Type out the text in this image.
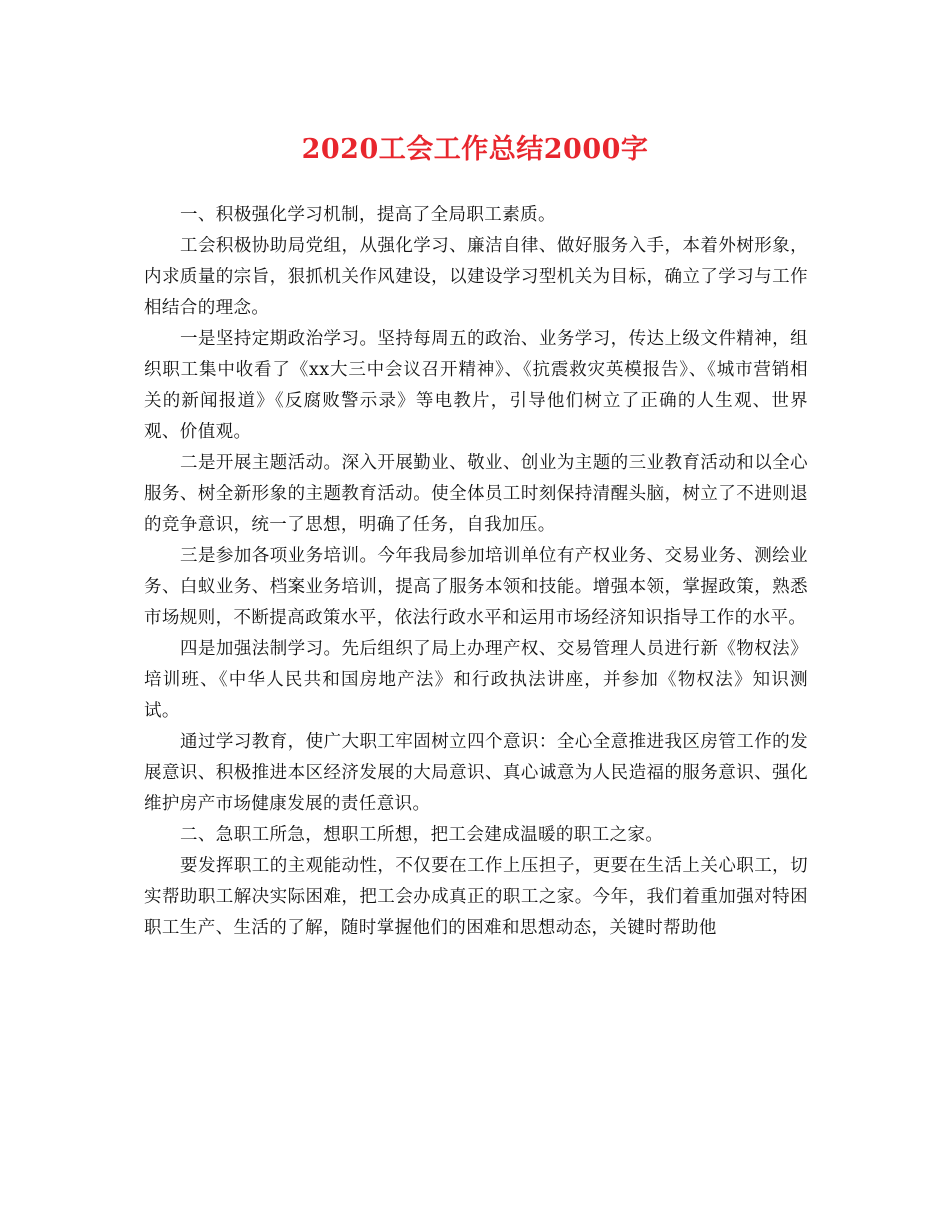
2020工会工作总结2000字

一、积极强化学习机制，提高了全局职工素质。

工会积极协助局党组，从强化学习、廉洁自律、做好服务入手，本着外树形象，内求质量的宗旨，狠抓机关作风建设，以建设学习型机关为目标，确立了学习与工作相结合的理念。

一是坚持定期政治学习。坚持每周五的政治、业务学习，传达上级文件精神，组织职工集中收看了《xx大三中会议召开精神》、《抗震救灾英模报告》、《城市营销相关的新闻报道》《反腐败警示录》等电教片，引导他们树立了正确的人生观、世界观、价值观。

二是开展主题活动。深入开展勤业、敬业、创业为主题的三业教育活动和以全心服务、树全新形象的主题教育活动。使全体员工时刻保持清醒头脑，树立了不进则退的竞争意识，统一了思想，明确了任务，自我加压。

三是参加各项业务培训。今年我局参加培训单位有产权业务、交易业务、测绘业务、白蚁业务、档案业务培训，提高了服务本领和技能。增强本领，掌握政策，熟悉市场规则，不断提高政策水平，依法行政水平和运用市场经济知识指导工作的水平。

四是加强法制学习。先后组织了局上办理产权、交易管理人员进行新《物权法》培训班、《中华人民共和国房地产法》和行政执法讲座，并参加《物权法》知识测试。

通过学习教育，使广大职工牢固树立四个意识：全心全意推进我区房管工作的发展意识、积极推进本区经济发展的大局意识、真心诚意为人民造福的服务意识、强化维护房产市场健康发展的责任意识。

二、急职工所急，想职工所想，把工会建成温暖的职工之家。

要发挥职工的主观能动性，不仅要在工作上压担子，更要在生活上关心职工，切实帮助职工解决实际困难，把工会办成真正的职工之家。今年，我们着重加强对特困职工生产、生活的了解，随时掌握他们的困难和思想动态，关键时帮助他
